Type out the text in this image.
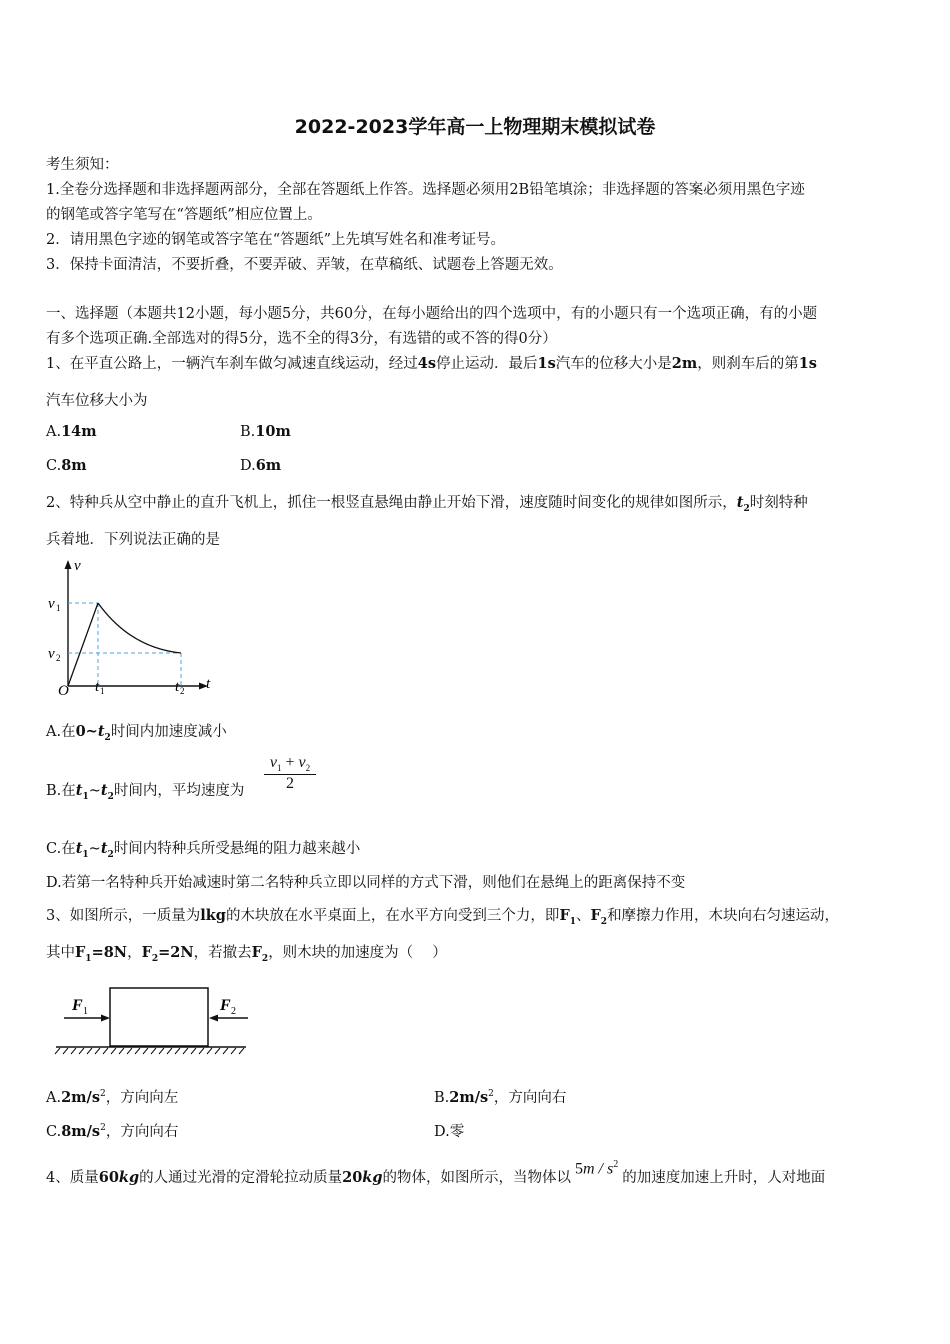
2022-2023学年高一上物理期末模拟试卷
考生须知：
1.全卷分选择题和非选择题两部分，全部在答题纸上作答。选择题必须用2B铅笔填涂；非选择题的答案必须用黑色字迹
的钢笔或答字笔写在“答题纸”相应位置上。
2．请用黑色字迹的钢笔或答字笔在“答题纸”上先填写姓名和准考证号。
3．保持卡面清洁，不要折叠，不要弄破、弄皱，在草稿纸、试题卷上答题无效。
一、选择题（本题共12小题，每小题5分，共60分，在每小题给出的四个选项中，有的小题只有一个选项正确，有的小题
有多个选项正确.全部选对的得5分，选不全的得3分，有选错的或不答的得0分）
1、在平直公路上，一辆汽车刹车做匀减速直线运动，经过4s停止运动．最后1s汽车的位移大小是2m，则刹车后的第1s
汽车位移大小为
A.14m	B.10m
C.8m	D.6m
2、特种兵从空中静止的直升飞机上，抓住一根竖直悬绳由静止开始下滑，速度随时间变化的规律如图所示，$t_2$时刻特种
兵着地．下列说法正确的是
v
t
O
v 1
v 2
t 1	t 2
A.在$0\sim t_2$时间内加速度减小
B.在$t_1\sim t_2$时间内，平均速度为
$v_1 + v_2$
2
C.在$t_1\sim t_2$时间内特种兵所受悬绳的阻力越来越小
D.若第一名特种兵开始减速时第二名特种兵立即以同样的方式下滑，则他们在悬绳上的距离保持不变
3、如图所示，一质量为lkg的木块放在水平桌面上，在水平方向受到三个力，即$F_1$、$F_2$和摩擦力作用，木块向右匀速运动，
其中$F_1=8N$，$F_2=2N$，若撤去$F_2$，则木块的加速度为（　 ）
F 1	F 2
$A.2m/s^2$，方向向左	$B.2m/s^2$，方向向右
$C.8m/s^2$，方向向右	D.零
4、质量60kg的人通过光滑的定滑轮拉动质量20kg的物体，如图所示，当物体以$5m / s^2$的加速度加速上升时，人对地面
